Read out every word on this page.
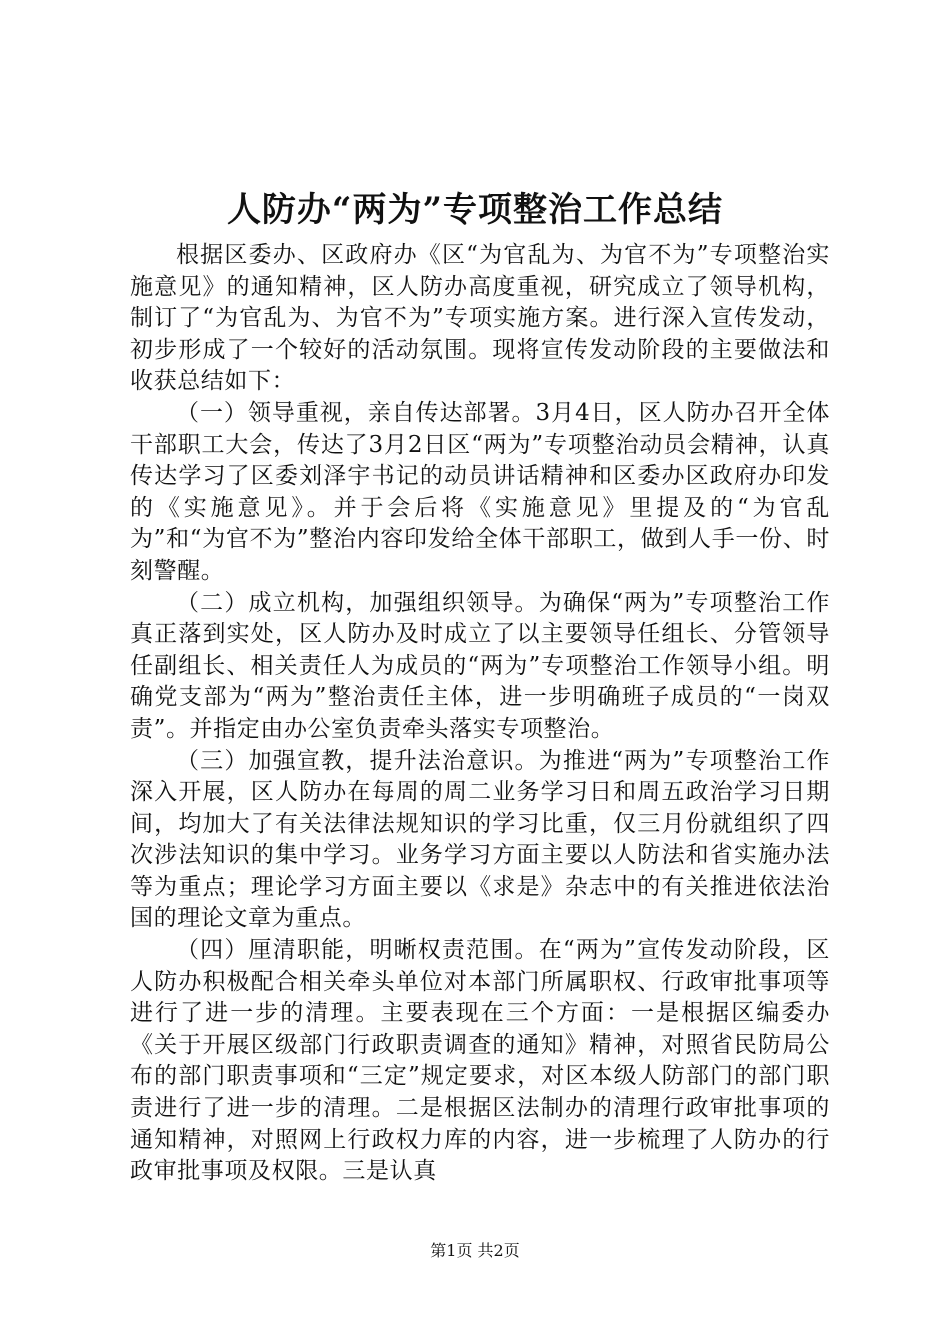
人防办“两为”专项整治工作总结

根据区委办、区政府办《区“为官乱为、为官不为”专项整治实施意见》的通知精神，区人防办高度重视，研究成立了领导机构，制订了“为官乱为、为官不为”专项实施方案。进行深入宣传发动，初步形成了一个较好的活动氛围。现将宣传发动阶段的主要做法和收获总结如下：

（一）领导重视，亲自传达部署。3月4日，区人防办召开全体干部职工大会，传达了3月2日区“两为”专项整治动员会精神，认真传达学习了区委刘泽宇书记的动员讲话精神和区委办区政府办印发的《实施意见》。并于会后将《实施意见》里提及的“为官乱为”和“为官不为”整治内容印发给全体干部职工，做到人手一份、时刻警醒。

（二）成立机构，加强组织领导。为确保“两为”专项整治工作真正落到实处，区人防办及时成立了以主要领导任组长、分管领导任副组长、相关责任人为成员的“两为”专项整治工作领导小组。明确党支部为“两为”整治责任主体，进一步明确班子成员的“一岗双责”。并指定由办公室负责牵头落实专项整治。

（三）加强宣教，提升法治意识。为推进“两为”专项整治工作深入开展，区人防办在每周的周二业务学习日和周五政治学习日期间，均加大了有关法律法规知识的学习比重，仅三月份就组织了四次涉法知识的集中学习。业务学习方面主要以人防法和省实施办法等为重点；理论学习方面主要以《求是》杂志中的有关推进依法治国的理论文章为重点。

（四）厘清职能，明晰权责范围。在“两为”宣传发动阶段，区人防办积极配合相关牵头单位对本部门所属职权、行政审批事项等进行了进一步的清理。主要表现在三个方面：一是根据区编委办《关于开展区级部门行政职责调查的通知》精神，对照省民防局公布的部门职责事项和“三定”规定要求，对区本级人防部门的部门职责进行了进一步的清理。二是根据区法制办的清理行政审批事项的通知精神，对照网上行政权力库的内容，进一步梳理了人防办的行政审批事项及权限。三是认真

第1页 共2页
